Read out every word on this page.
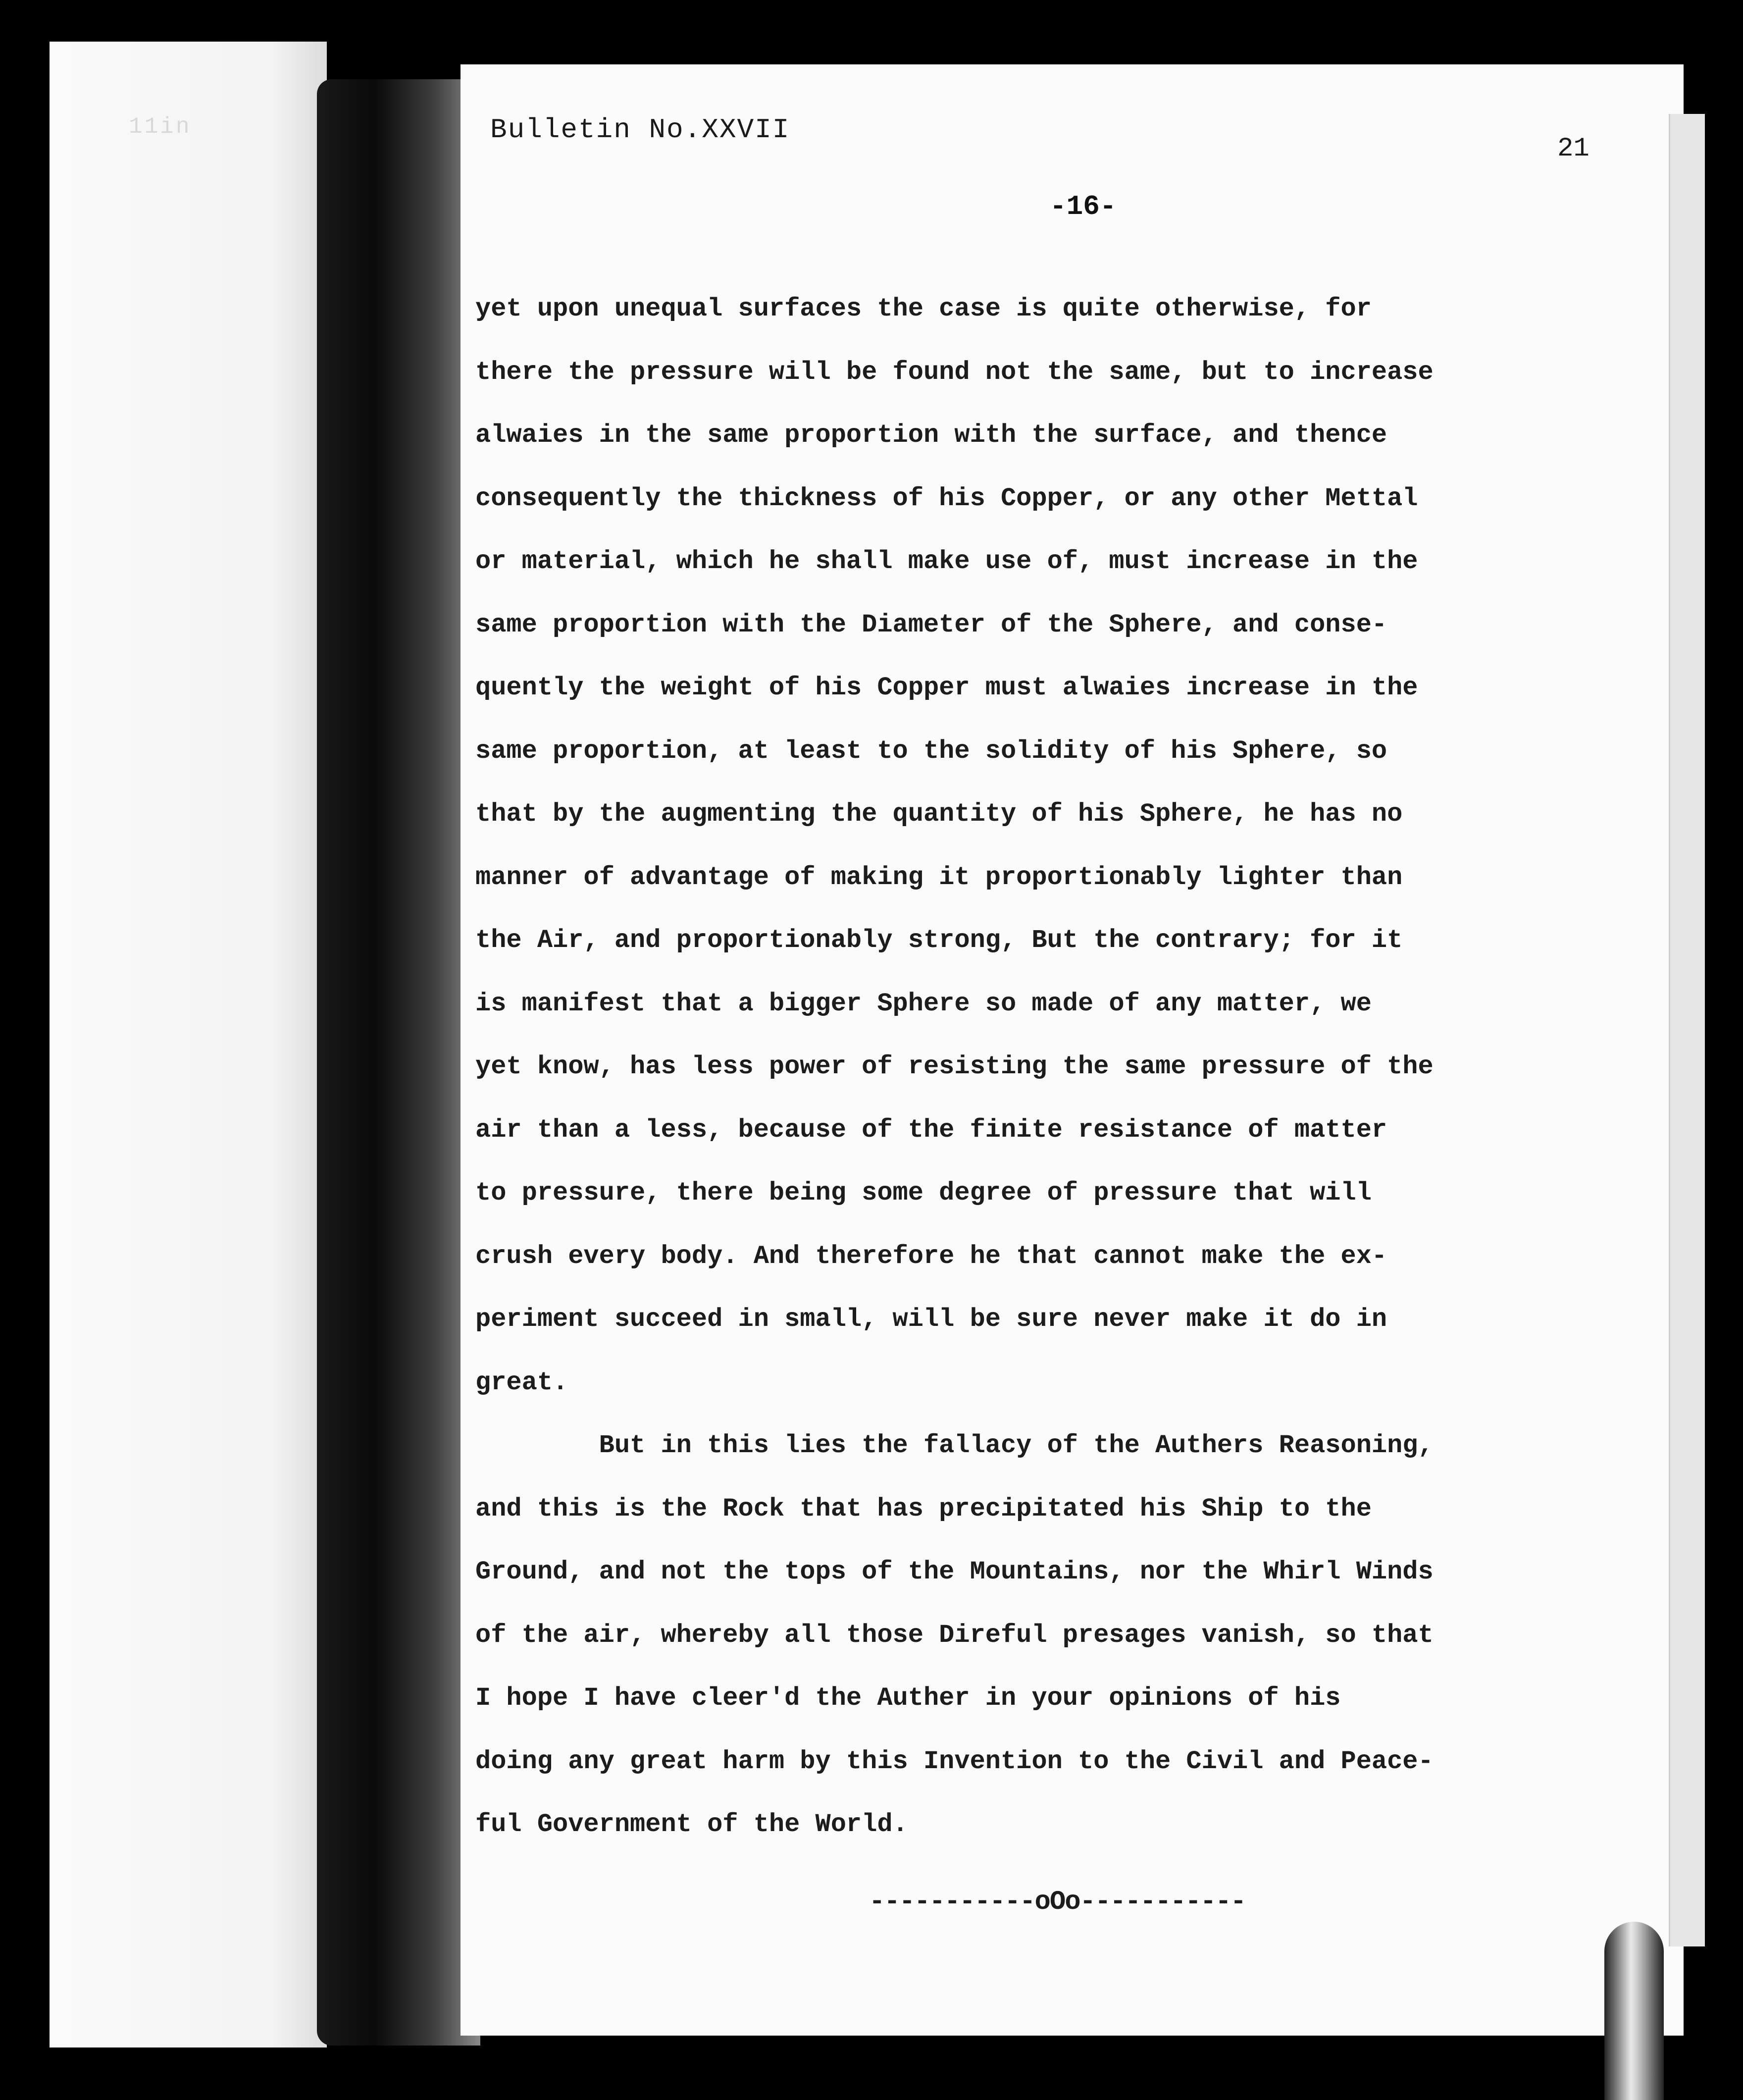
11in	Bulletin No.XXVII
21
-16-
yet upon unequal surfaces the case is quite otherwise, for
there the pressure will be found not the same, but to increase
alwaies in the same proportion with the surface, and thence
consequently the thickness of his Copper, or any other Mettal
or material, which he shall make use of, must increase in the
same proportion with the Diameter of the Sphere, and conse-
quently the weight of his Copper must alwaies increase in the
same proportion, at least to the solidity of his Sphere, so
that by the augmenting the quantity of his Sphere, he has no
manner of advantage of making it proportionably lighter than
the Air, and proportionably strong, But the contrary; for it
is manifest that a bigger Sphere so made of any matter, we
yet know, has less power of resisting the same pressure of the
air than a less, because of the finite resistance of matter
to pressure, there being some degree of pressure that will
crush every body. And therefore he that cannot make the ex-
periment succeed in small, will be sure never make it do in
great.
But in this lies the fallacy of the Authers Reasoning,
and this is the Rock that has precipitated his Ship to the
Ground, and not the tops of the Mountains, nor the Whirl Winds
of the air, whereby all those Direful presages vanish, so that
I hope I have cleer'd the Auther in your opinions of his
doing any great harm by this Invention to the Civil and Peace-
ful Government of the World.
-----------oOo-----------
